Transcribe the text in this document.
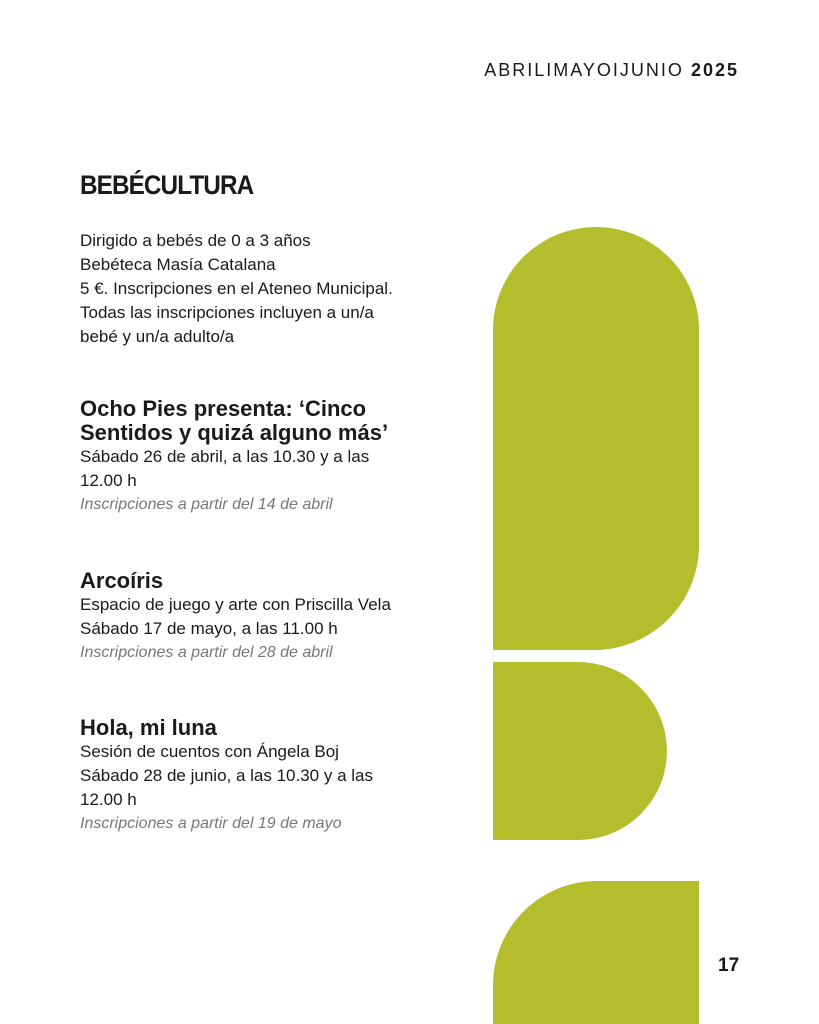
ABRILIMAYOIJUNIO 2025
BEBÉCULTURA

Dirigido a bebés de 0 a 3 años

Bebéteca Masía Catalana

5 €. Inscripciones en el Ateneo Municipal. Todas las inscripciones incluyen a un/a bebé y un/a adulto/a

Ocho Pies presenta: ‘Cinco Sentidos y quizá alguno más’
Sábado 26 de abril, a las 10.30 y a las 12.00 h
Inscripciones a partir del 14 de abril
Arcoíris
Espacio de juego y arte con Priscilla Vela
Sábado 17 de mayo, a las 11.00 h
Inscripciones a partir del 28 de abril
Hola, mi luna
Sesión de cuentos con Ángela Boj
Sábado 28 de junio, a las 10.30 y a las 12.00 h
Inscripciones a partir del 19 de mayo
17
